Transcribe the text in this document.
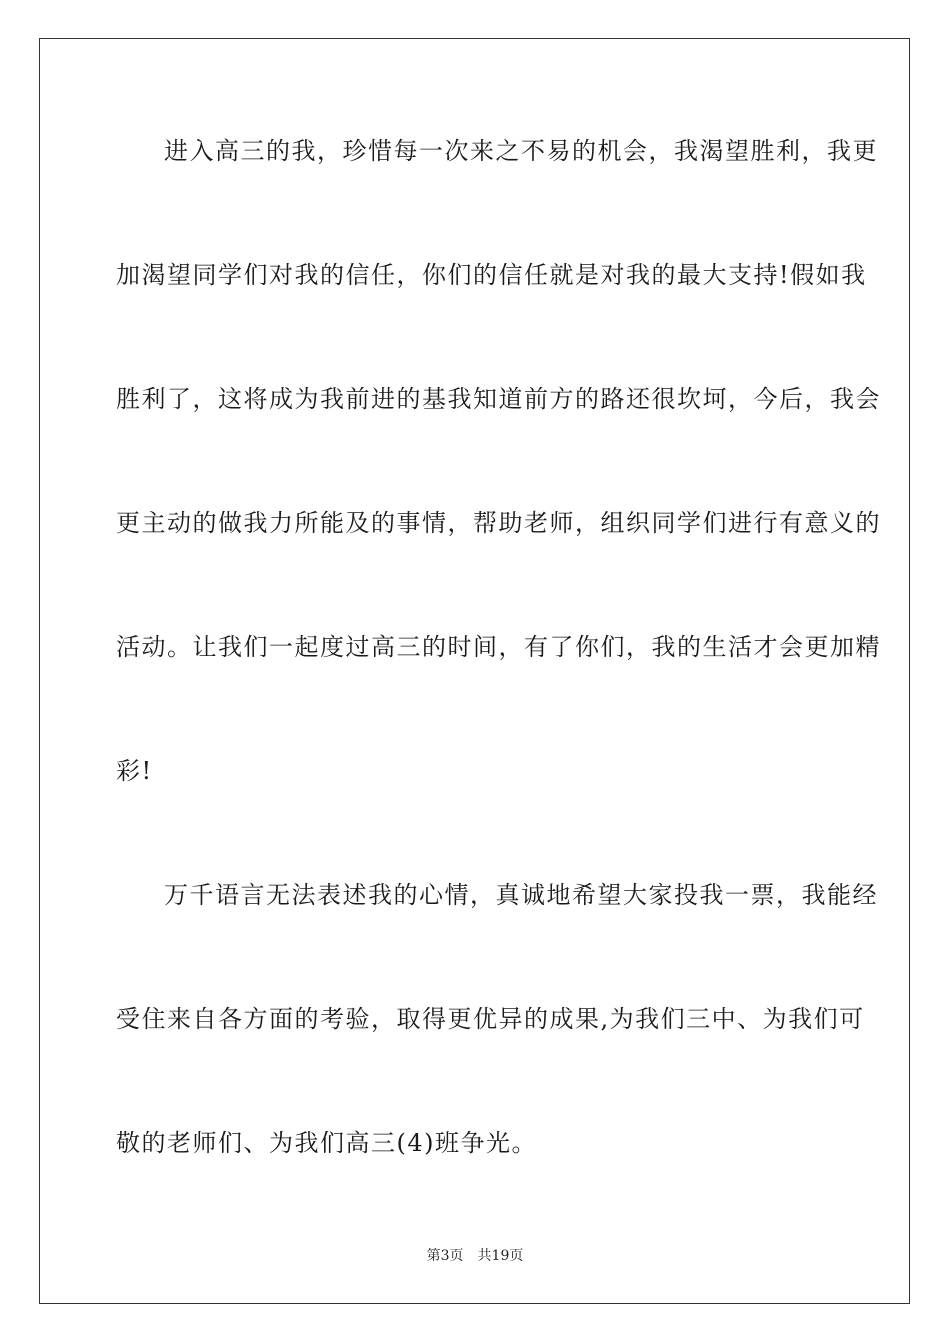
进入高三的我，珍惜每一次来之不易的机会，我渴望胜利，我更
加渴望同学们对我的信任，你们的信任就是对我的最大支持!假如我
胜利了，这将成为我前进的基我知道前方的路还很坎坷，今后，我会
更主动的做我力所能及的事情，帮助老师，组织同学们进行有意义的
活动。让我们一起度过高三的时间，有了你们，我的生活才会更加精
彩!
万千语言无法表述我的心情，真诚地希望大家投我一票，我能经
受住来自各方面的考验，取得更优异的成果,为我们三中、为我们可
敬的老师们、为我们高三(4)班争光。
第3页 共19页
